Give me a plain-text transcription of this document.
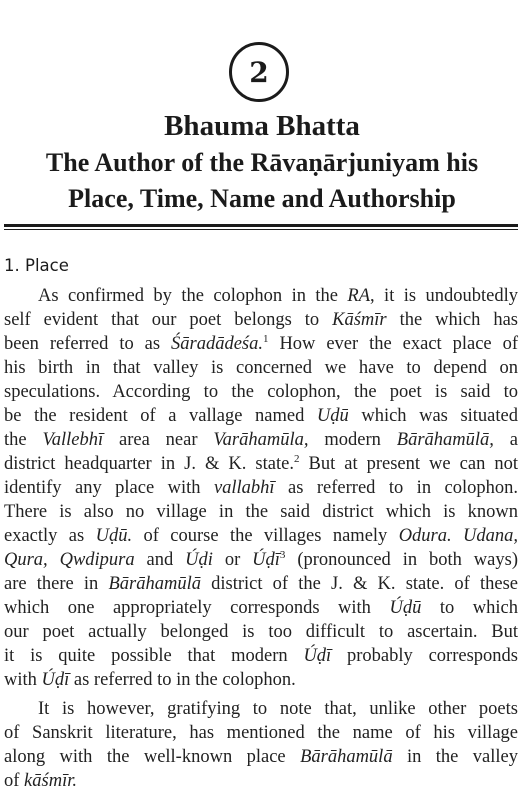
2
Bhauma Bhatta
The Author of the Rāvaṇārjuniyam his
Place, Time, Name and Authorship
1. Place
As confirmed by the colophon in the RA, it is undoubtedly
self evident that our poet belongs to Kāśmīr the which has
been referred to as Śāradādeśa.$^1$ How ever the exact place of
his birth in that valley is concerned we have to depend on
speculations. According to the colophon, the poet is said to
be the resident of a vallage named Uḍū which was situated
the Vallebhī area near Varāhamūla, modern Bārāhamūlā, a
district headquarter in J. & K. state.$^2$ But at present we can not
identify any place with vallabhī as referred to in colophon.
There is also no village in the said district which is known
exactly as Uḍū. of course the villages namely Odura. Udana,
Qura, Qwdipura and Úḍi or Úḍī$^3$ (pronounced in both ways)
are there in Bārāhamūlā district of the J. & K. state. of these
which one appropriately corresponds with Úḍū to which
our poet actually belonged is too difficult to ascertain. But
it is quite possible that modern Úḍī probably corresponds
with Úḍī as referred to in the colophon.
It is however, gratifying to note that, unlike other poets
of Sanskrit literature, has mentioned the name of his village
along with the well-known place Bārāhamūlā in the valley
of kāśmīr.
